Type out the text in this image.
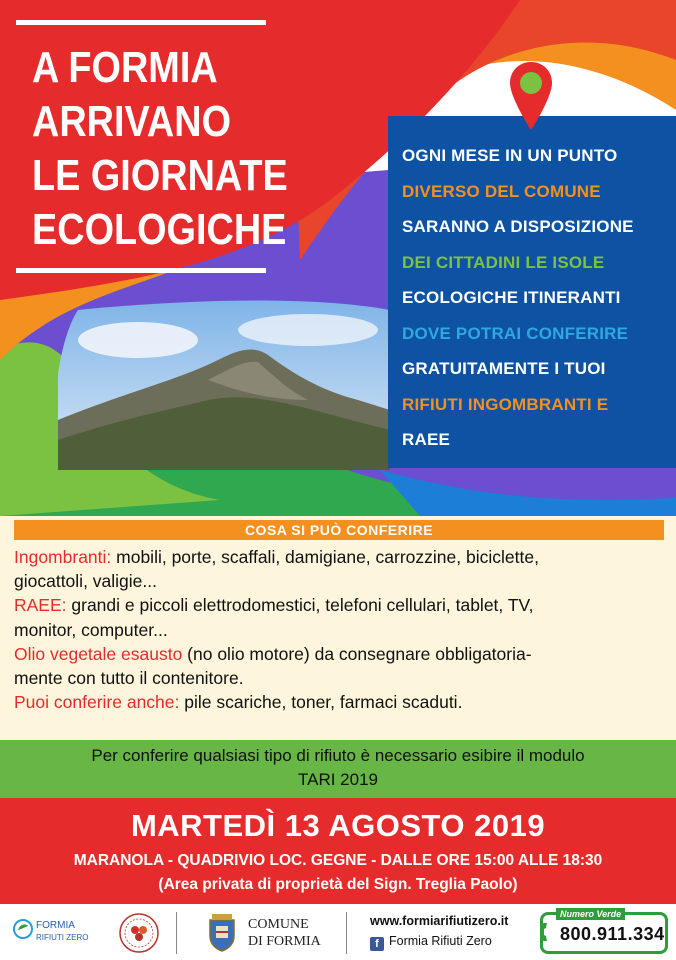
A FORMIA
ARRIVANO
LE GIORNATE
ECOLOGICHE
OGNI MESE IN UN PUNTO
DIVERSO DEL COMUNE
SARANNO A DISPOSIZIONE
DEI CITTADINI LE ISOLE
ECOLOGICHE ITINERANTI
DOVE POTRAI CONFERIRE
GRATUITAMENTE I TUOI
RIFIUTI INGOMBRANTI E
RAEE
COSA SI PUÒ CONFERIRE
Ingombranti: mobili, porte, scaffali, damigiane, carrozzine, biciclette,
giocattoli, valigie...
RAEE: grandi e piccoli elettrodomestici, telefoni cellulari, tablet, TV,
monitor, computer...
Olio vegetale esausto (no olio motore) da consegnare obbligatoria-
mente con tutto il contenitore.
Puoi conferire anche: pile scariche, toner, farmaci scaduti.
Per conferire qualsiasi tipo di rifiuto è necessario esibire il modulo
TARI 2019
MARTEDÌ 13 AGOSTO 2019
MARANOLA - QUADRIVIO LOC. GEGNE - DALLE ORE 15:00 ALLE 18:30
(Area privata di proprietà del Sign. Treglia Paolo)
FORMIA
RIFIUTI ZERO
COMUNE
DI FORMIA
www.formiarifiutizero.it
f Formia Rifiuti Zero
Numero Verde
800.911.334
